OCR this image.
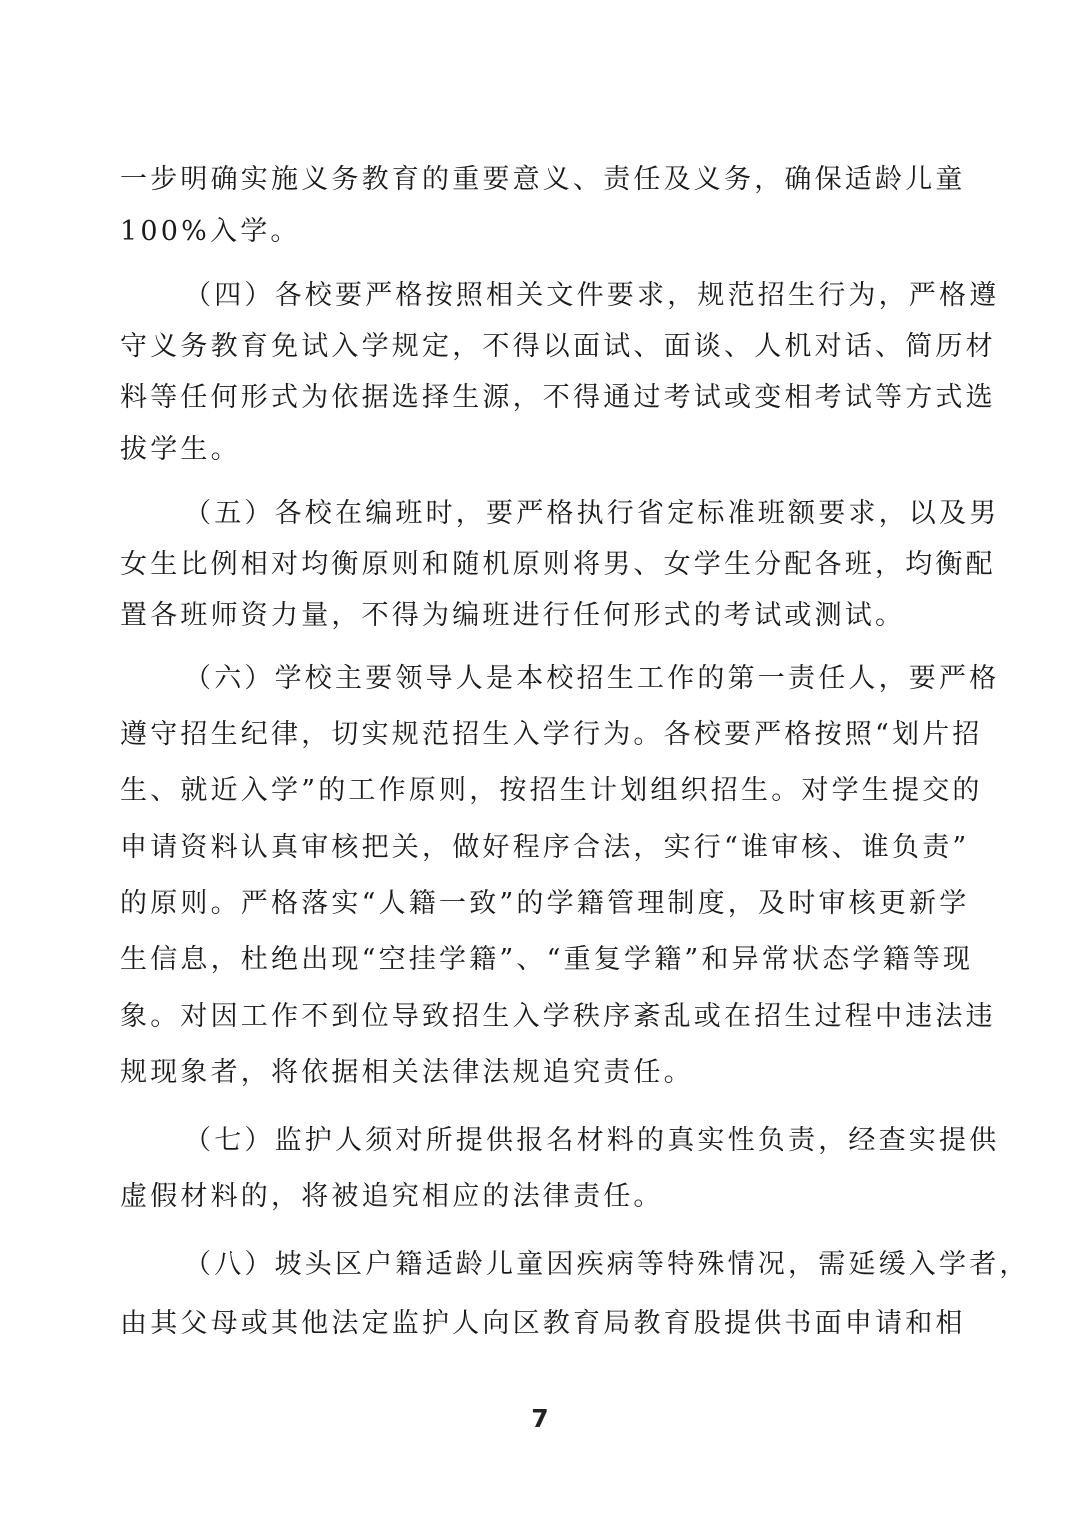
一步明确实施义务教育的重要意义、责任及义务，确保适龄儿童
100%入学。
（四）各校要严格按照相关文件要求，规范招生行为，严格遵
守义务教育免试入学规定，不得以面试、面谈、人机对话、简历材
料等任何形式为依据选择生源，不得通过考试或变相考试等方式选
拔学生。
（五）各校在编班时，要严格执行省定标准班额要求，以及男
女生比例相对均衡原则和随机原则将男、女学生分配各班，均衡配
置各班师资力量，不得为编班进行任何形式的考试或测试。
（六）学校主要领导人是本校招生工作的第一责任人，要严格
遵守招生纪律，切实规范招生入学行为。各校要严格按照“划片招
生、就近入学”的工作原则，按招生计划组织招生。对学生提交的
申请资料认真审核把关，做好程序合法，实行“谁审核、谁负责”
的原则。严格落实“人籍一致”的学籍管理制度，及时审核更新学
生信息，杜绝出现“空挂学籍”、“重复学籍”和异常状态学籍等现
象。对因工作不到位导致招生入学秩序紊乱或在招生过程中违法违
规现象者，将依据相关法律法规追究责任。
（七）监护人须对所提供报名材料的真实性负责，经查实提供
虚假材料的，将被追究相应的法律责任。
（八）坡头区户籍适龄儿童因疾病等特殊情况，需延缓入学者，
由其父母或其他法定监护人向区教育局教育股提供书面申请和相
7
